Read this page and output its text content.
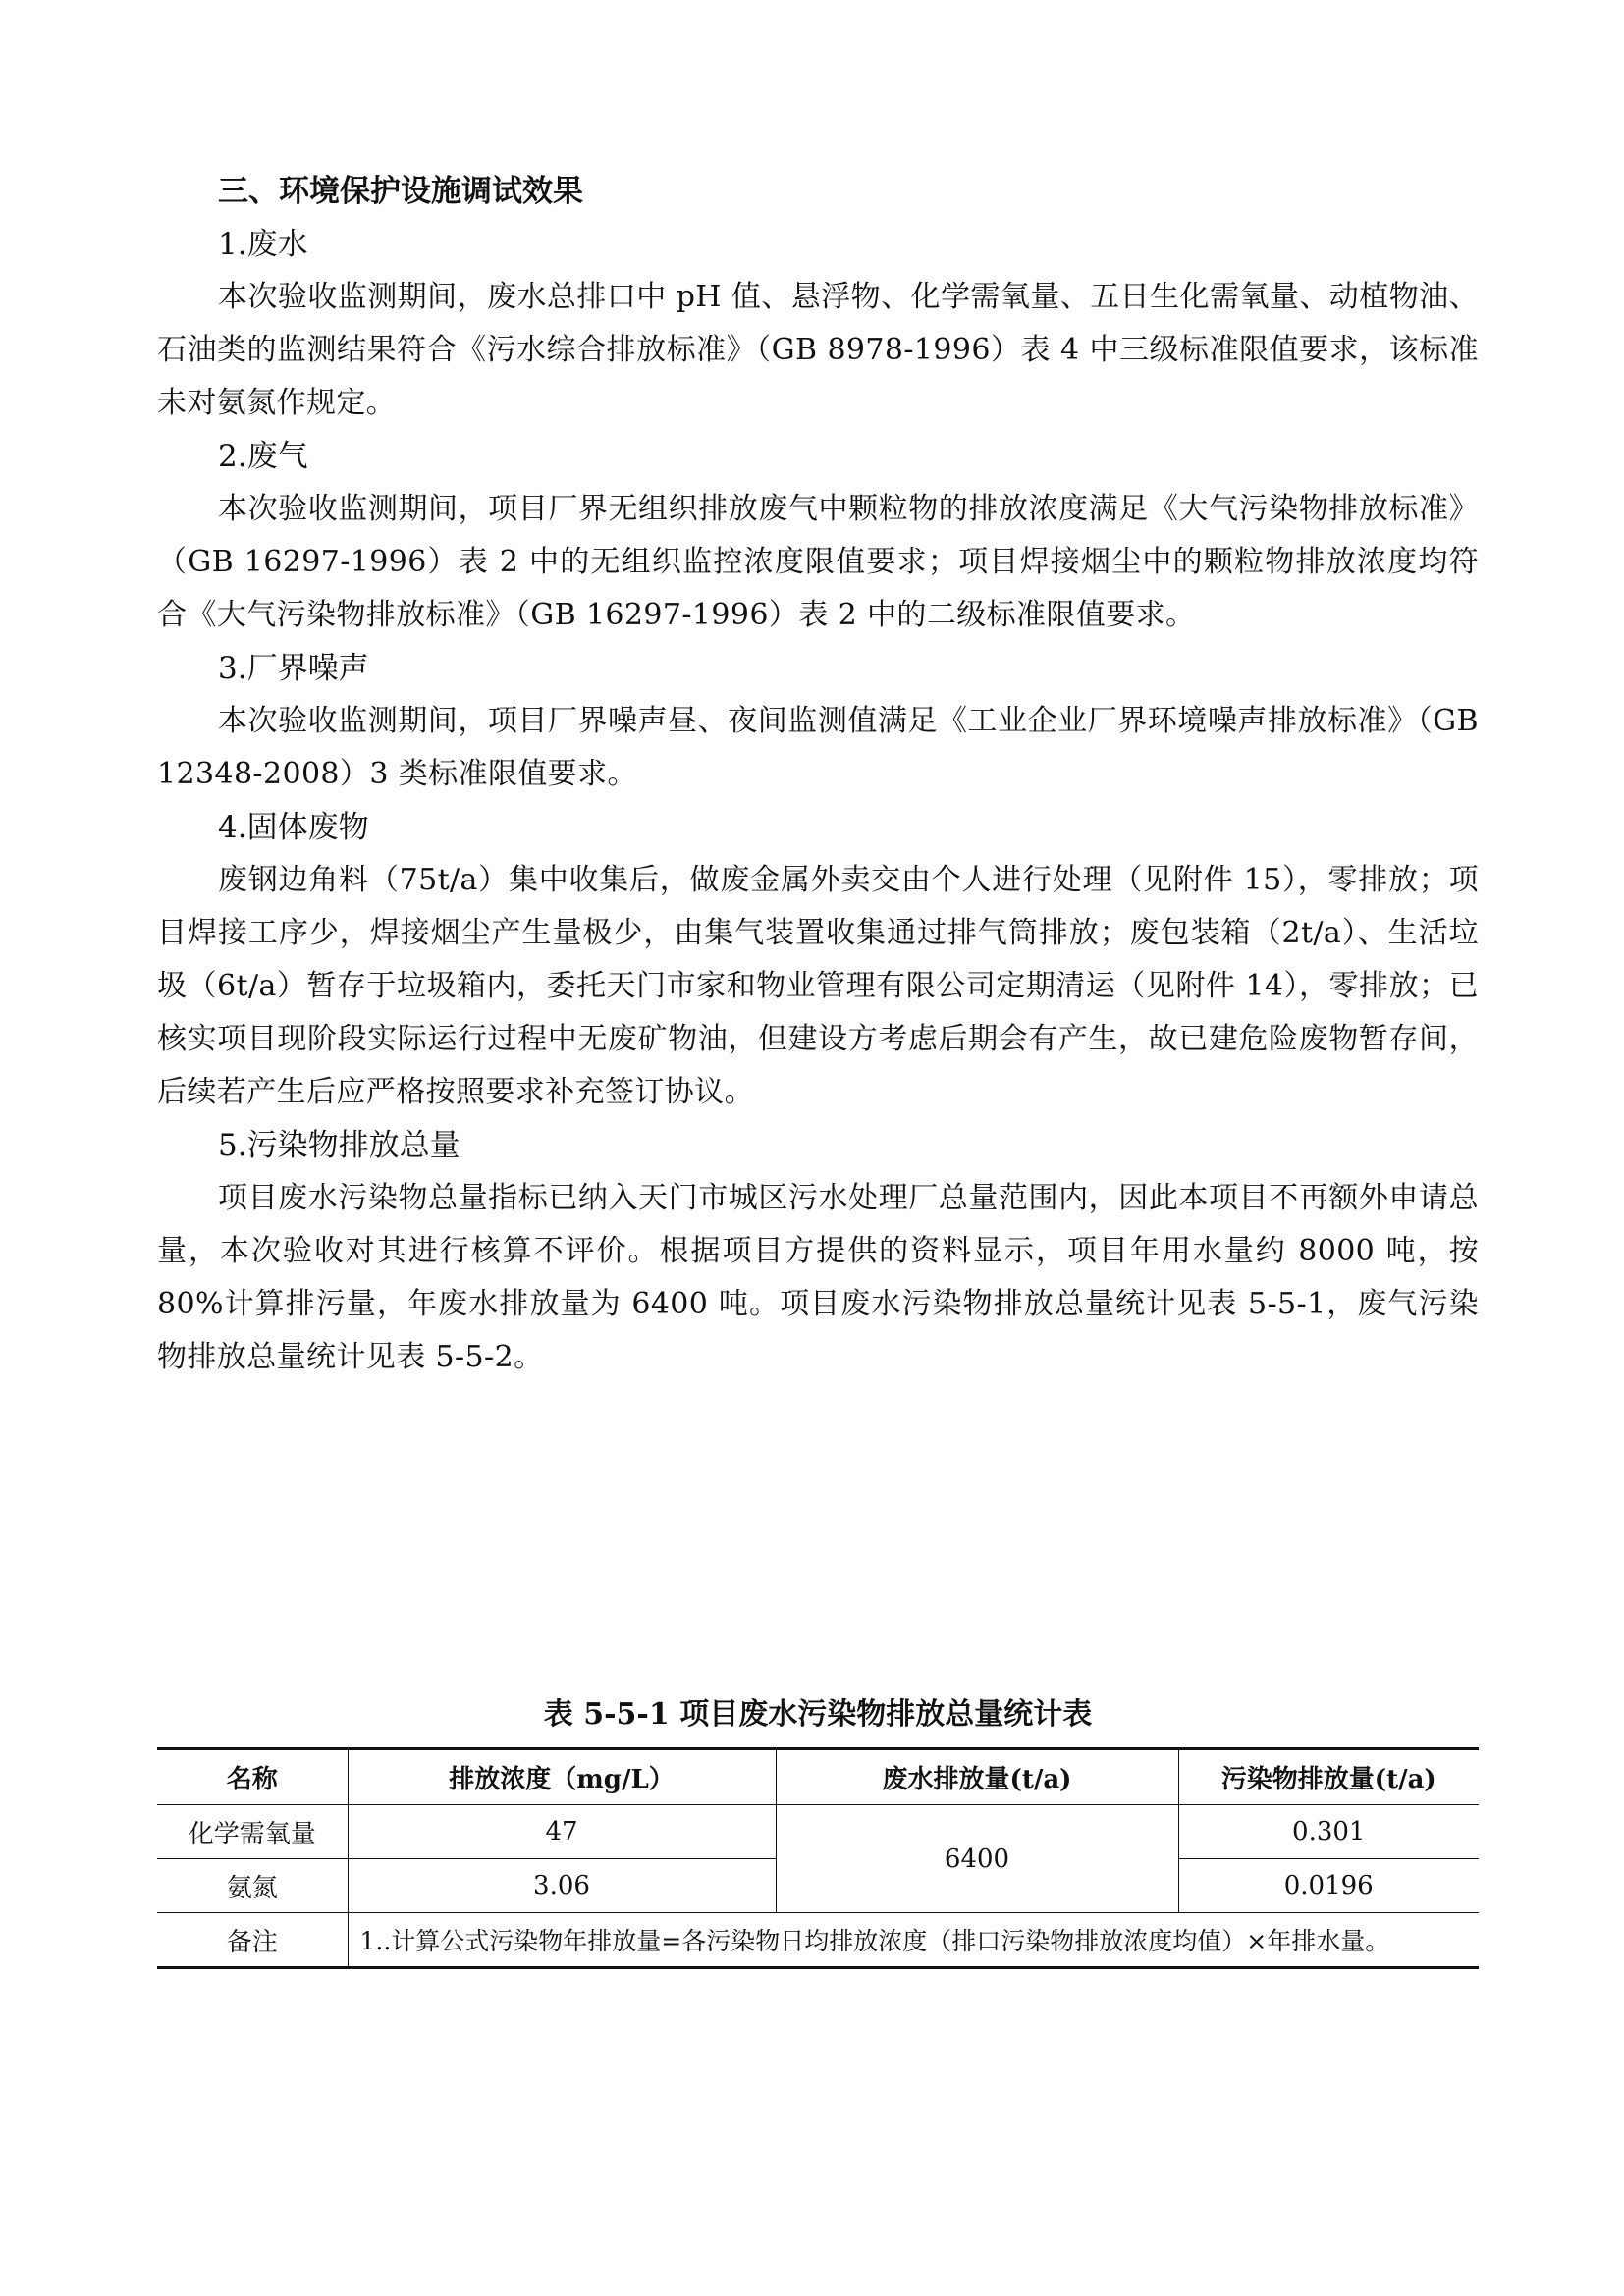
三、环境保护设施调试效果

1.废水

本次验收监测期间，废水总排口中 pH 值、悬浮物、化学需氧量、五日生化需氧量、动植物油、石油类的监测结果符合《污水综合排放标准》（GB 8978-1996）表 4 中三级标准限值要求，该标准未对氨氮作规定。

2.废气

本次验收监测期间，项目厂界无组织排放废气中颗粒物的排放浓度满足《大气污染物排放标准》（GB 16297-1996）表 2 中的无组织监控浓度限值要求；项目焊接烟尘中的颗粒物排放浓度均符合《大气污染物排放标准》（GB 16297-1996）表 2 中的二级标准限值要求。

3.厂界噪声

本次验收监测期间，项目厂界噪声昼、夜间监测值满足《工业企业厂界环境噪声排放标准》（GB 12348-2008）3 类标准限值要求。

4.固体废物

废钢边角料（75t/a）集中收集后，做废金属外卖交由个人进行处理（见附件 15），零排放；项目焊接工序少，焊接烟尘产生量极少，由集气装置收集通过排气筒排放；废包装箱（2t/a）、生活垃圾（6t/a）暂存于垃圾箱内，委托天门市家和物业管理有限公司定期清运（见附件 14），零排放；已核实项目现阶段实际运行过程中无废矿物油，但建设方考虑后期会有产生，故已建危险废物暂存间，后续若产生后应严格按照要求补充签订协议。

5.污染物排放总量

项目废水污染物总量指标已纳入天门市城区污水处理厂总量范围内，因此本项目不再额外申请总量，本次验收对其进行核算不评价。根据项目方提供的资料显示，项目年用水量约 8000 吨，按 80%计算排污量，年废水排放量为 6400 吨。项目废水污染物排放总量统计见表 5-5-1，废气污染物排放总量统计见表 5-5-2。

表 5-5-1 项目废水污染物排放总量统计表

名称	排放浓度（mg/L）	废水排放量(t/a)	污染物排放量(t/a)
化学需氧量	47	6400	0.301
氨氮	3.06		0.0196
备注	1..计算公式污染物年排放量=各污染物日均排放浓度（排口污染物排放浓度均值）×年排水量。		
